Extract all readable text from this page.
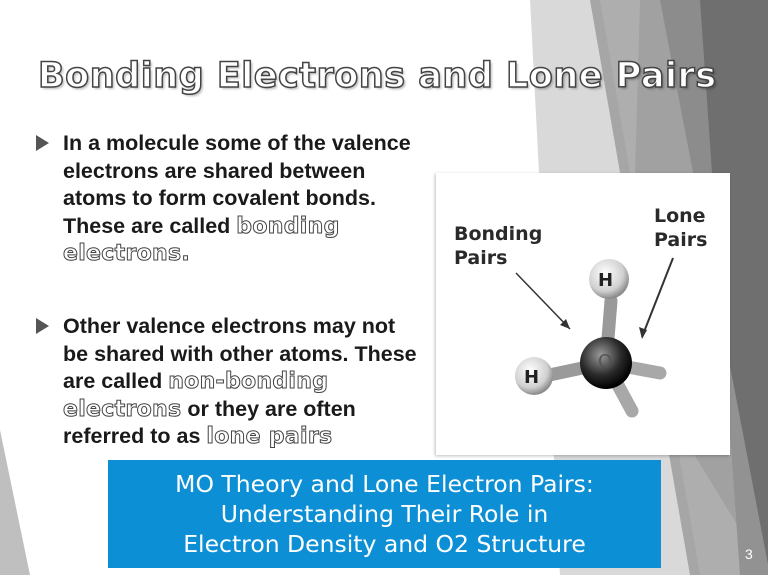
Bonding Electrons and Lone Pairs
In a molecule some of the valence electrons are shared between atoms to form covalent bonds. These are called bonding electrons.
Other valence electrons may not be shared with other atoms. These are called non-bonding electrons or they are often referred to as lone pairs
Bonding Pairs
Lone Pairs
H
H
O
MO Theory and Lone Electron Pairs:
Understanding Their Role in
Electron Density and O2 Structure	3
